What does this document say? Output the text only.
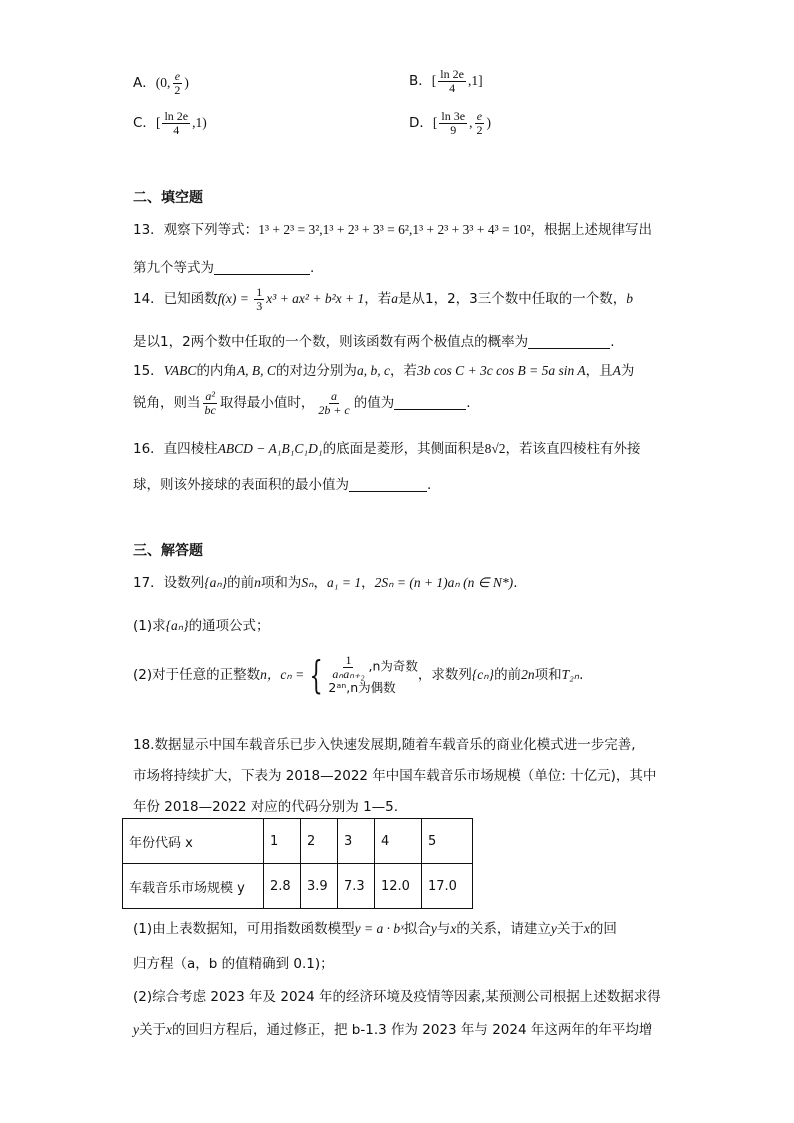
A．(0, $\frac{e}{2}$ )	B．[ $\frac{\ln 2e}{4} ,1$]
C．[ $\frac{\ln 2e}{4} ,1$)	D．[ $\frac{\ln 3e}{9}$ , $\frac{e}{2}$ )
二、填空题
13．观察下列等式：1³ + 2³ = 3²,1³ + 2³ + 3³ = 6²,1³ + 2³ + 3³ + 4³ = 10²，根据上述规律写出
第九个等式为	.
14．已知函数$f(x) = \frac{1}{3} x^3 + ax^2 + b^2x + 1$，若a是从1，2，3三个数中任取的一个数，b
是以1，2两个数中任取的一个数，则该函数有两个极值点的概率为	.
15．VABC的内角A, B, C的对边分别为a, b, c，若3b cos C + 3c cos B = 5a sin A，且A为
锐角，则当 $\frac{\text{a²}}{bc}$ 取得最小值时， $\frac{a}{2b + c}$ 的值为	.
16．直四棱柱ABCD − A₁B₁C₁D₁的底面是菱形，其侧面积是8√2，若该直四棱柱有外接
球，则该外接球的表面积的最小值为	.
三、解答题
17．设数列{aₙ}的前n项和为Sₙ，a₁ = 1，2Sₙ = (n + 1)aₙ (n ∈ N*).
(1)求{aₙ}的通项公式；
(2)对于任意的正整数n，cₙ = { $\frac{1}{\text{aₙaₙ₊₂}} ,n$为奇数
2ᵃⁿ,n为偶数
，求数列{cₙ}的前2n项和T₂ₙ.
18.数据显示中国车载音乐已步入快速发展期,随着车载音乐的商业化模式进一步完善,
市场将持续扩大，下表为 2018—2022 年中国车载音乐市场规模（单位: 十亿元)，其中
年份 2018—2022 对应的代码分别为 1—5.
年份代码 x	1	2	3	4	5
车载音乐市场规模 y	2.8	3.9	7.3	12.0	17.0
(1)由上表数据知，可用指数函数模型y = a · bˣ拟合y与x的关系，请建立y关于x的回
归方程（a，b 的值精确到 0.1)；
(2)综合考虑 2023 年及 2024 年的经济环境及疫情等因素,某预测公司根据上述数据求得
y关于x的回归方程后，通过修正，把 b-1.3 作为 2023 年与 2024 年这两年的年平均增
